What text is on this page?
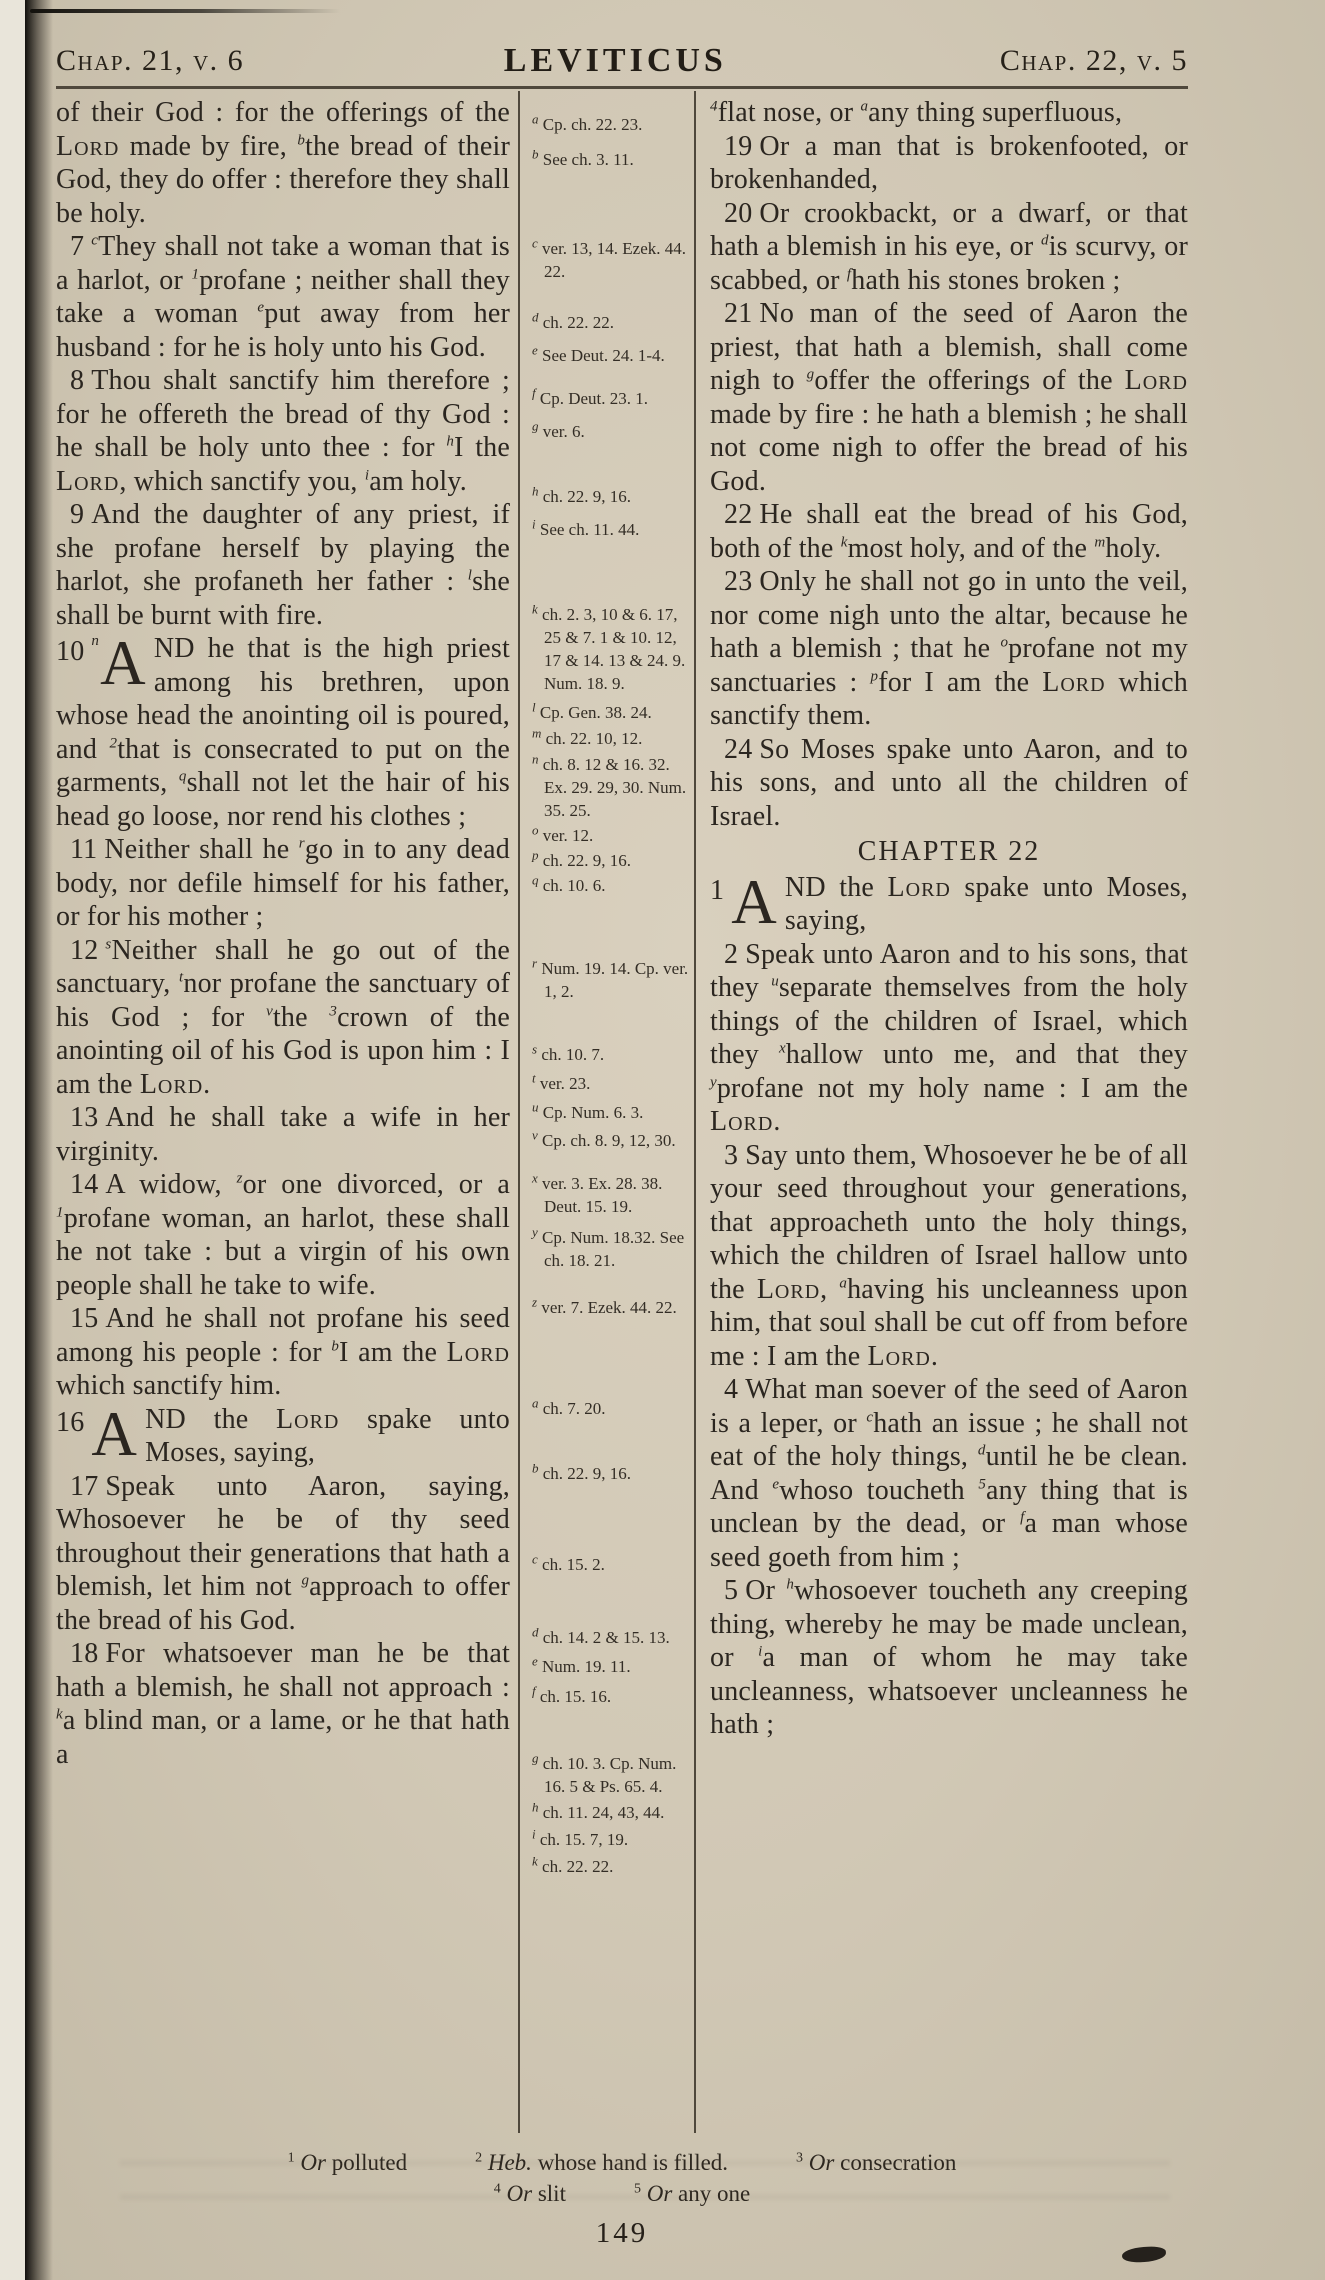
Chap. 21, v. 6	LEVITICUS	Chap. 22, v. 5

of their God : for the offerings of the Lord made by fire, $^b$the bread of their God, they do offer : therefore they shall be holy.

7 $^c$They shall not take a woman that is a harlot, or $^1$profane ; neither shall they take a woman $^e$put away from her husband : for he is holy unto his God.

8 Thou shalt sanctify him therefore ; for he offereth the bread of thy God : he shall be holy unto thee : for $^h$I the Lord, which sanctify you, $^i$am holy.

9 And the daughter of any priest, if she profane herself by playing the harlot, she profaneth her father : $^l$she shall be burnt with fire.

10 n A ND he that is the high priest among his brethren, upon whose head the anointing oil is poured, and $^2$that is consecrated to put on the garments, $^q$shall not let the hair of his head go loose, nor rend his clothes ;

11 Neither shall he $^r$go in to any dead body, nor defile himself for his father, or for his mother ;

12 $^s$Neither shall he go out of the sanctuary, $^t$nor profane the sanctuary of his God ; for $^v$the $^3$crown of the anointing oil of his God is upon him : I am the Lord.

13 And he shall take a wife in her virginity.

14 A widow, $^z$or one divorced, or a $^1$profane woman, an harlot, these shall he not take : but a virgin of his own people shall he take to wife.

15 And he shall not profane his seed among his people : for $^b$I am the Lord which sanctify him.

16 A ND the Lord spake unto Moses, saying,

17 Speak unto Aaron, saying, Whosoever he be of thy seed throughout their generations that hath a blemish, let him not $^g$approach to offer the bread of his God.

18 For whatsoever man he be that hath a blemish, he shall not approach : $^k$a blind man, or a lame, or he that hath a

$^a$ Cp. ch. 22. 23.
$^b$ See ch. 3. 11.
$^c$ ver. 13, 14. Ezek. 44. 22.
$^d$ ch. 22. 22.
$^e$ See Deut. 24. 1-4.
$^f$ Cp. Deut. 23. 1.
$^g$ ver. 6.
$^h$ ch. 22. 9, 16.
$^i$ See ch. 11. 44.
$^k$ ch. 2. 3, 10 & 6. 17, 25 & 7. 1 & 10. 12, 17 & 14. 13 & 24. 9. Num. 18. 9.
$^l$ Cp. Gen. 38. 24.
$^m$ ch. 22. 10, 12.
$^n$ ch. 8. 12 & 16. 32. Ex. 29. 29, 30. Num. 35. 25.
$^o$ ver. 12.
$^p$ ch. 22. 9, 16.
$^q$ ch. 10. 6.
$^r$ Num. 19. 14. Cp. ver. 1, 2.
$^s$ ch. 10. 7.
$^t$ ver. 23.
$^u$ Cp. Num. 6. 3.
$^v$ Cp. ch. 8. 9, 12, 30.
$^x$ ver. 3. Ex. 28. 38. Deut. 15. 19.
$^y$ Cp. Num. 18.32. See ch. 18. 21.
$^z$ ver. 7. Ezek. 44. 22.
$^a$ ch. 7. 20.
$^b$ ch. 22. 9, 16.
$^c$ ch. 15. 2.
$^d$ ch. 14. 2 & 15. 13.
$^e$ Num. 19. 11.
$^f$ ch. 15. 16.
$^g$ ch. 10. 3. Cp. Num. 16. 5 & Ps. 65. 4.
$^h$ ch. 11. 24, 43, 44.
$^i$ ch. 15. 7, 19.
$^k$ ch. 22. 22.

$^4$flat nose, or $^a$any thing superfluous,

19 Or a man that is brokenfooted, or brokenhanded,

20 Or crookbackt, or a dwarf, or that hath a blemish in his eye, or $^d$is scurvy, or scabbed, or $^f$hath his stones broken ;

21 No man of the seed of Aaron the priest, that hath a blemish, shall come nigh to $^g$offer the offerings of the Lord made by fire : he hath a blemish ; he shall not come nigh to offer the bread of his God.

22 He shall eat the bread of his God, both of the $^k$most holy, and of the $^m$holy.

23 Only he shall not go in unto the veil, nor come nigh unto the altar, because he hath a blemish ; that he $^o$profane not my sanctuaries : $^p$for I am the Lord which sanctify them.

24 So Moses spake unto Aaron, and to his sons, and unto all the children of Israel.

CHAPTER 22

1 A ND the Lord spake unto Moses, saying,

2 Speak unto Aaron and to his sons, that they $^u$separate themselves from the holy things of the children of Israel, which they $^x$hallow unto me, and that they $^y$profane not my holy name : I am the Lord.

3 Say unto them, Whosoever he be of all your seed throughout your generations, that approacheth unto the holy things, which the children of Israel hallow unto the Lord, $^a$having his uncleanness upon him, that soul shall be cut off from before me : I am the Lord.

4 What man soever of the seed of Aaron is a leper, or $^c$hath an issue ; he shall not eat of the holy things, $^d$until he be clean. And $^e$whoso toucheth $^5$any thing that is unclean by the dead, or $^f$a man whose seed goeth from him ;

5 Or $^h$whosoever toucheth any creeping thing, whereby he may be made unclean, or $^i$a man of whom he may take uncleanness, whatsoever uncleanness he hath ;

$^1$ Or polluted	$^2$ Heb. whose hand is filled.	$^3$ Or consecration
$^4$ Or slit	$^5$ Or any one
149
